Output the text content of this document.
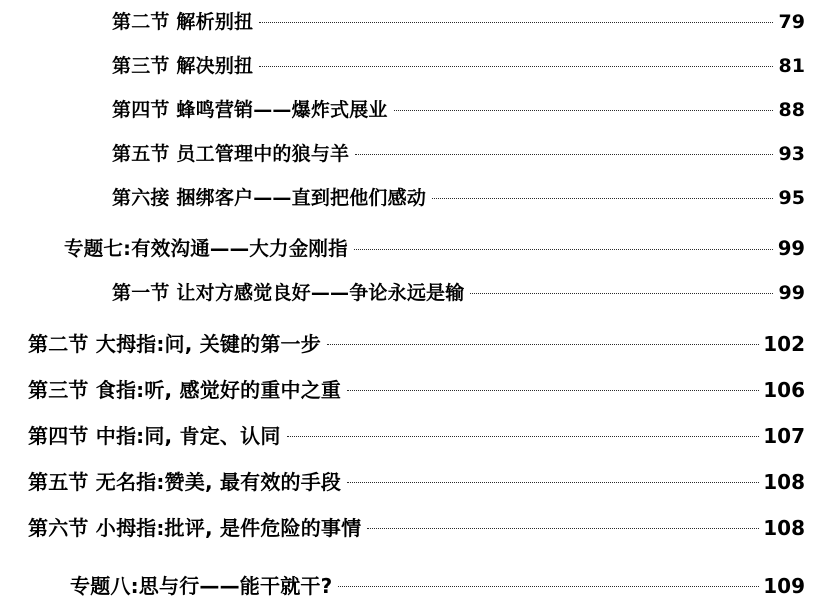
第二节 解析别扭	79
第三节 解决别扭	81
第四节 蜂鸣营销——爆炸式展业	88
第五节 员工管理中的狼与羊	93
第六接 捆绑客户——直到把他们感动	95
专题七:有效沟通——大力金刚指	99
第一节 让对方感觉良好——争论永远是输	99
第二节 大拇指:问, 关键的第一步	102
第三节 食指:听, 感觉好的重中之重	106
第四节 中指:同, 肯定、认同	107
第五节 无名指:赞美, 最有效的手段	108
第六节 小拇指:批评, 是件危险的事情	108
专题八:思与行——能干就干?	109
